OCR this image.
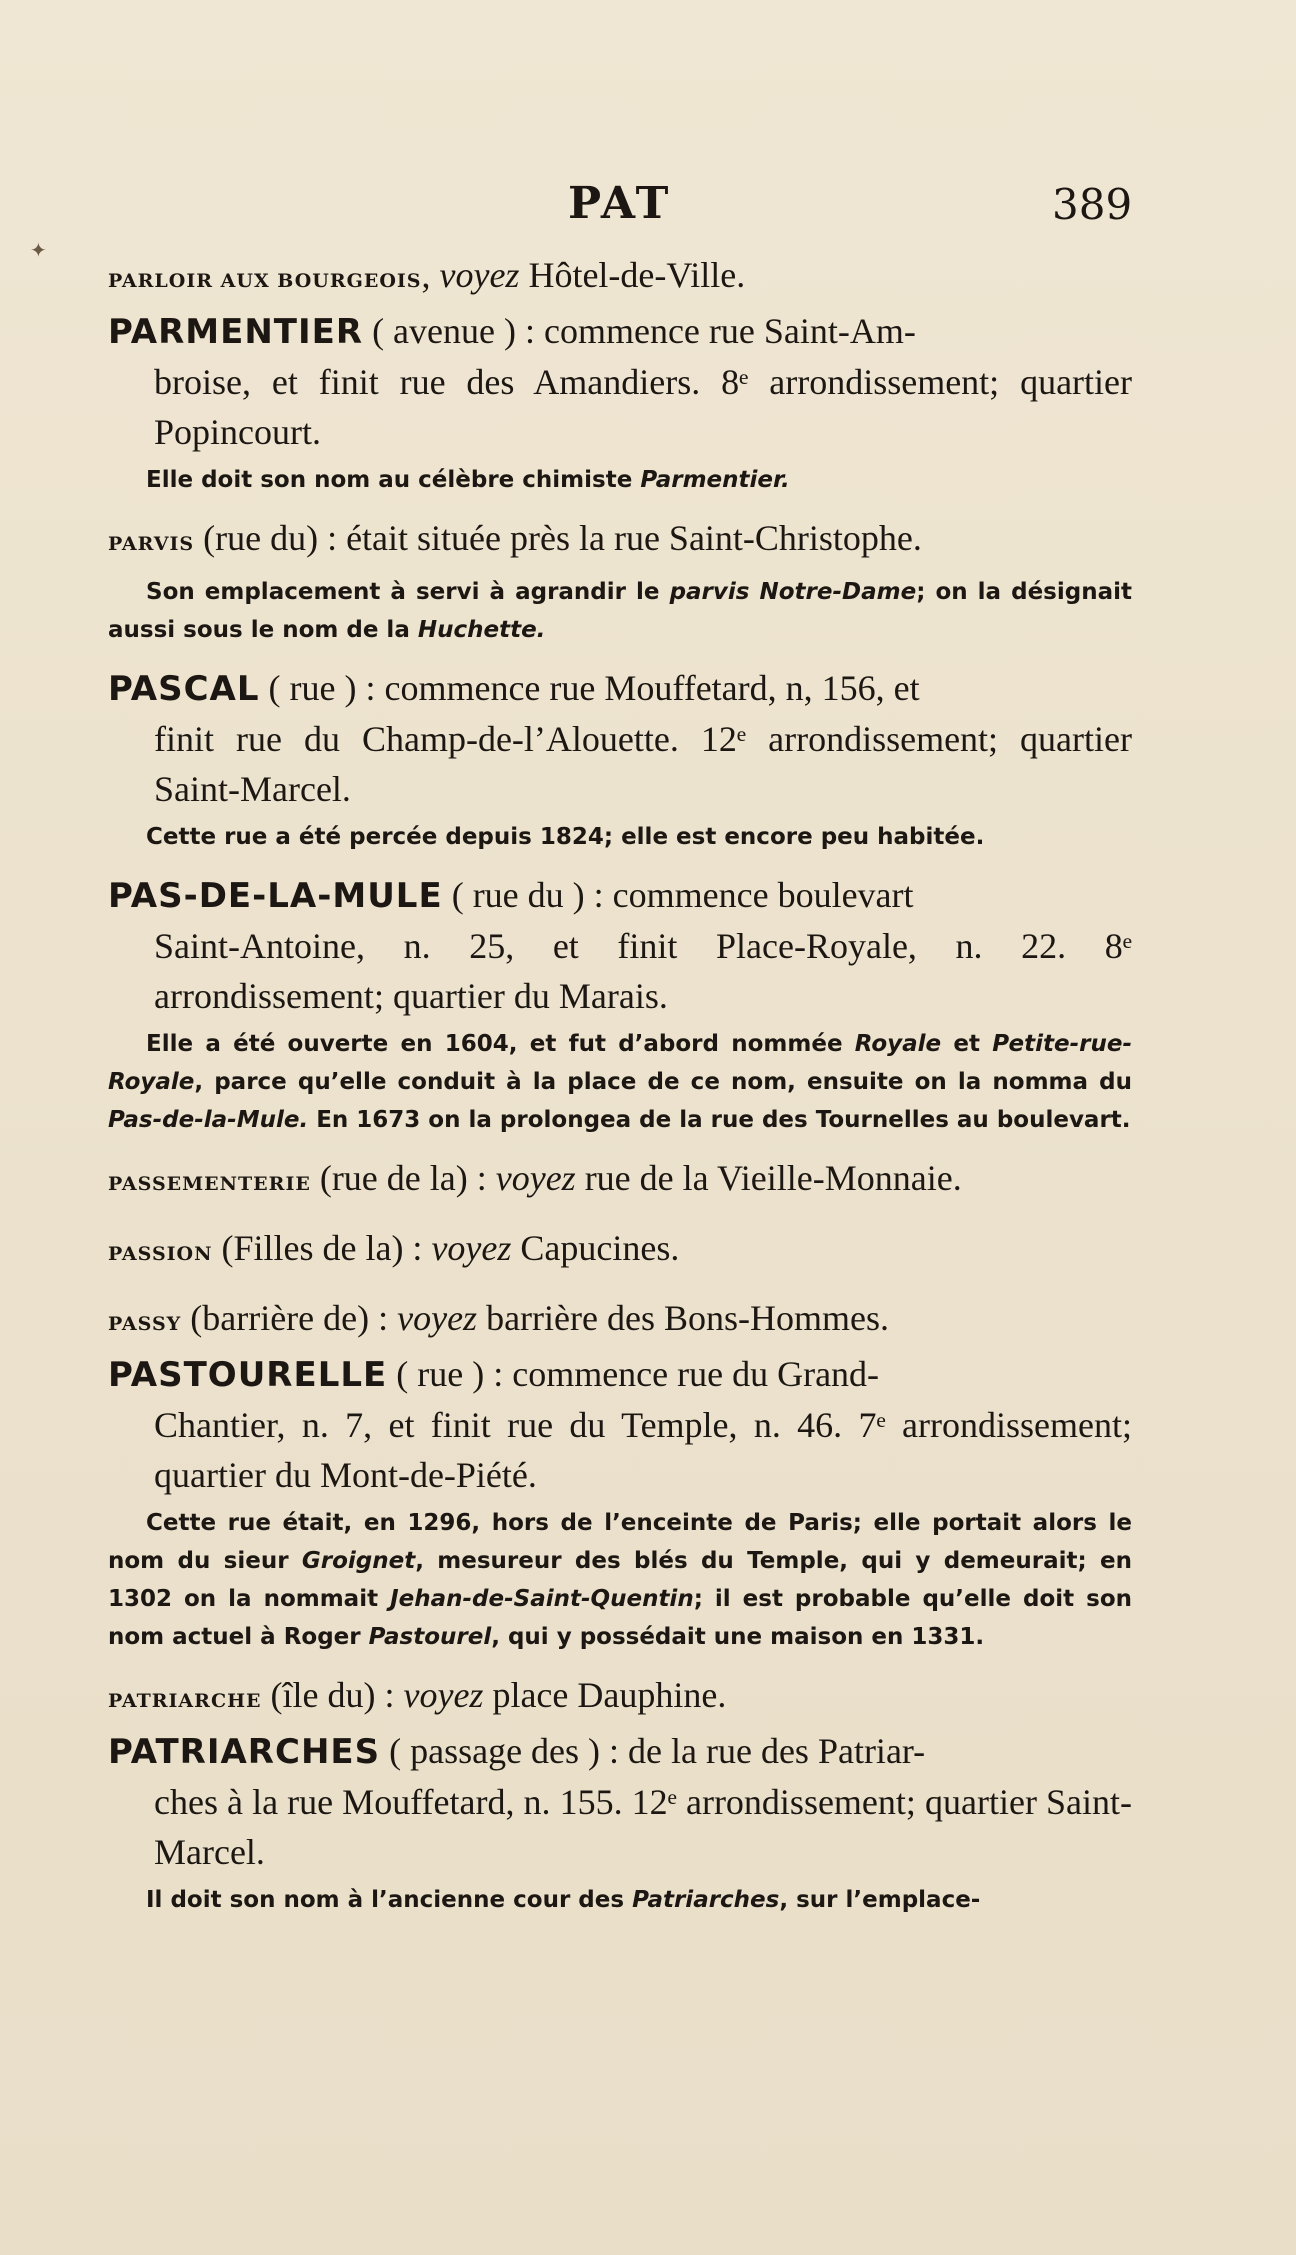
✦
PAT	389

PARLOIR AUX BOURGEOIS, voyez Hôtel-de-Ville.

PARMENTIER ( avenue ) : commence rue Saint-Am-
broise, et finit rue des Amandiers. 8ᵉ arrondissement; quartier Popincourt.

Elle doit son nom au célèbre chimiste Parmentier.

PARVIS (rue du) : était située près la rue Saint-Christophe.

Son emplacement à servi à agrandir le parvis Notre-Dame; on la désignait aussi sous le nom de la Huchette.

PASCAL ( rue ) : commence rue Mouffetard, n, 156, et
finit rue du Champ-de-l’Alouette. 12ᵉ arrondissement; quartier Saint-Marcel.

Cette rue a été percée depuis 1824; elle est encore peu habitée.

PAS-DE-LA-MULE ( rue du ) : commence boulevart
Saint-Antoine, n. 25, et finit Place-Royale, n. 22. 8ᵉ arrondissement; quartier du Marais.

Elle a été ouverte en 1604, et fut d’abord nommée Royale et Petite-rue-Royale, parce qu’elle conduit à la place de ce nom, ensuite on la nomma du Pas-de-la-Mule. En 1673 on la prolongea de la rue des Tournelles au boulevart.

PASSEMENTERIE (rue de la) : voyez rue de la Vieille-Monnaie.

PASSION (Filles de la) : voyez Capucines.

PASSY (barrière de) : voyez barrière des Bons-Hommes.

PASTOURELLE ( rue ) : commence rue du Grand-
Chantier, n. 7, et finit rue du Temple, n. 46. 7ᵉ arrondissement; quartier du Mont-de-Piété.

Cette rue était, en 1296, hors de l’enceinte de Paris; elle portait alors le nom du sieur Groignet, mesureur des blés du Temple, qui y demeurait; en 1302 on la nommait Jehan-de-Saint-Quentin; il est probable qu’elle doit son nom actuel à Roger Pastourel, qui y possédait une maison en 1331.

PATRIARCHE (île du) : voyez place Dauphine.

PATRIARCHES ( passage des ) : de la rue des Patriar-
ches à la rue Mouffetard, n. 155. 12ᵉ arrondissement; quartier Saint-Marcel.

Il doit son nom à l’ancienne cour des Patriarches, sur l’emplace-
